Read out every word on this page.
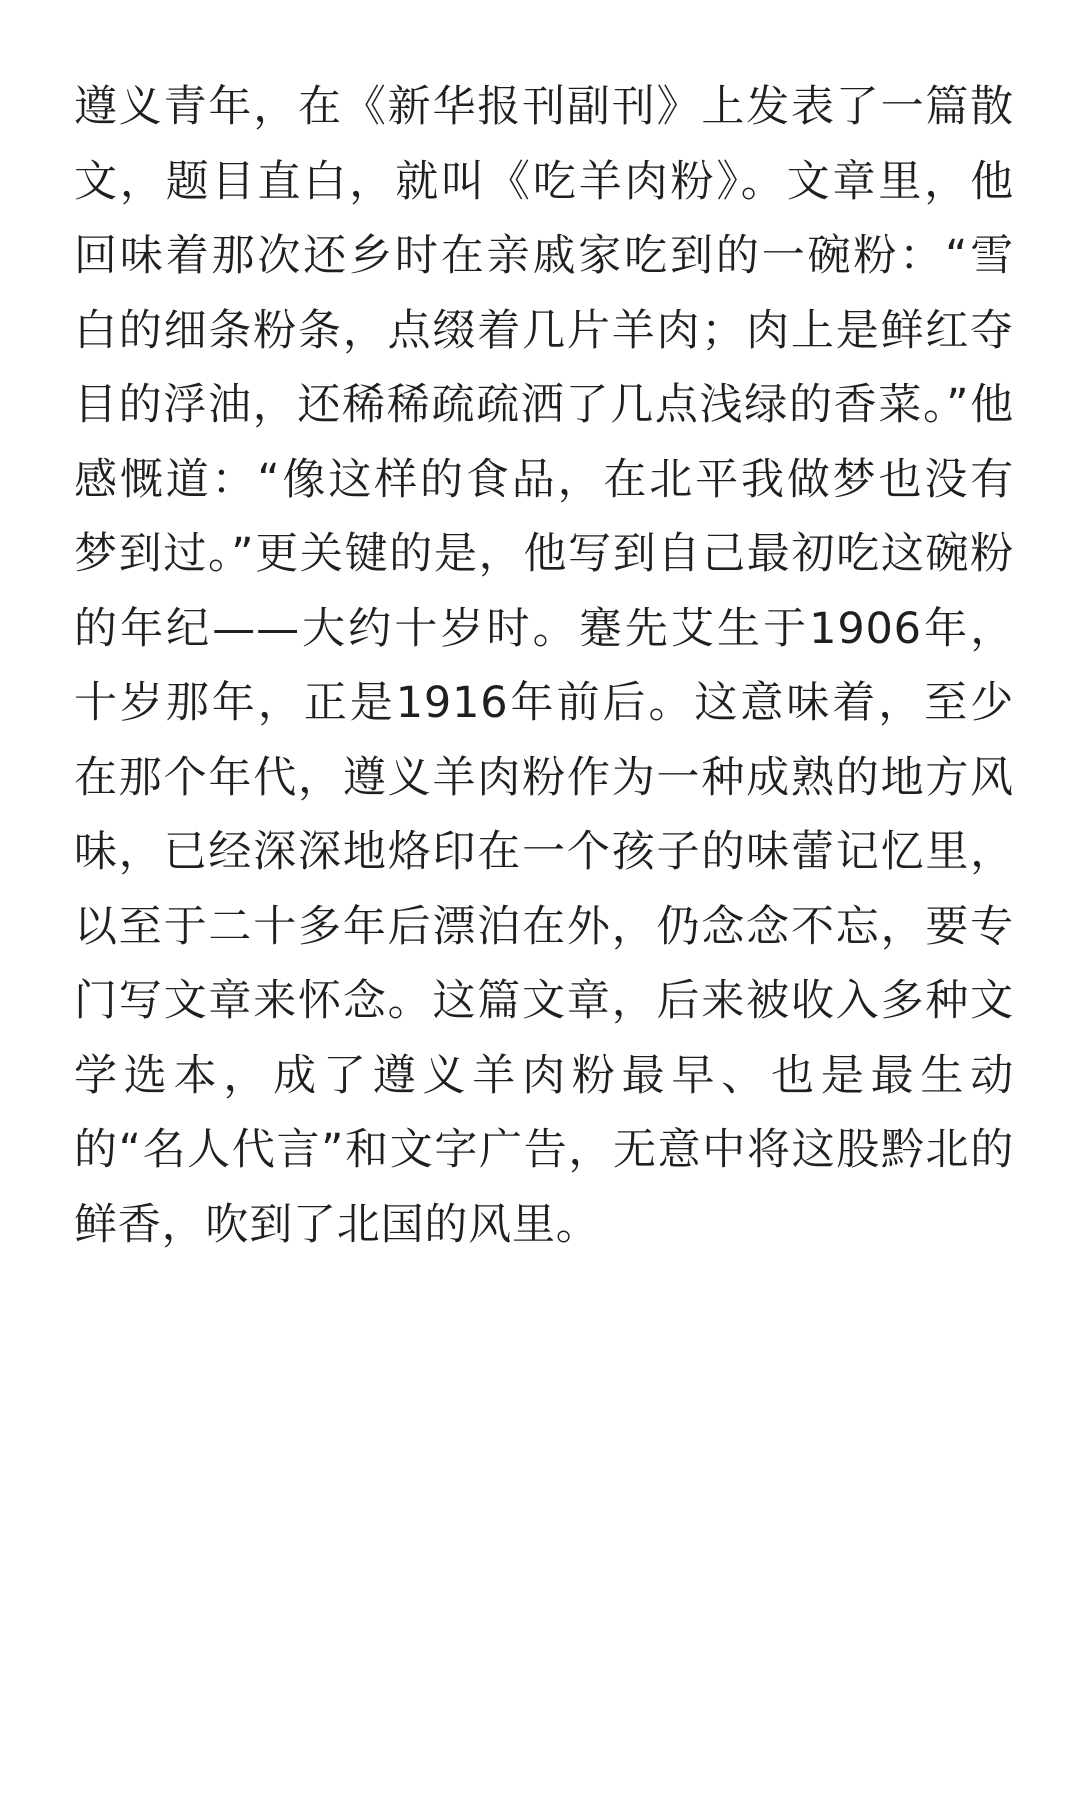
遵义青年，在《新华报刊副刊》上发表了一篇散文，题目直白，就叫《吃羊肉粉》。文章里，他回味着那次还乡时在亲戚家吃到的一碗粉：“雪白的细条粉条，点缀着几片羊肉；肉上是鲜红夺目的浮油，还稀稀疏疏洒了几点浅绿的香菜。”他感慨道：“像这样的食品，在北平我做梦也没有梦到过。”更关键的是，他写到自己最初吃这碗粉的年纪——大约十岁时。蹇先艾生于1906年，十岁那年，正是1916年前后。这意味着，至少在那个年代，遵义羊肉粉作为一种成熟的地方风味，已经深深地烙印在一个孩子的味蕾记忆里，以至于二十多年后漂泊在外，仍念念不忘，要专门写文章来怀念。这篇文章，后来被收入多种文学选本，成了遵义羊肉粉最早、也是最生动的“名人代言”和文字广告，无意中将这股黔北的鲜香，吹到了北国的风里。
